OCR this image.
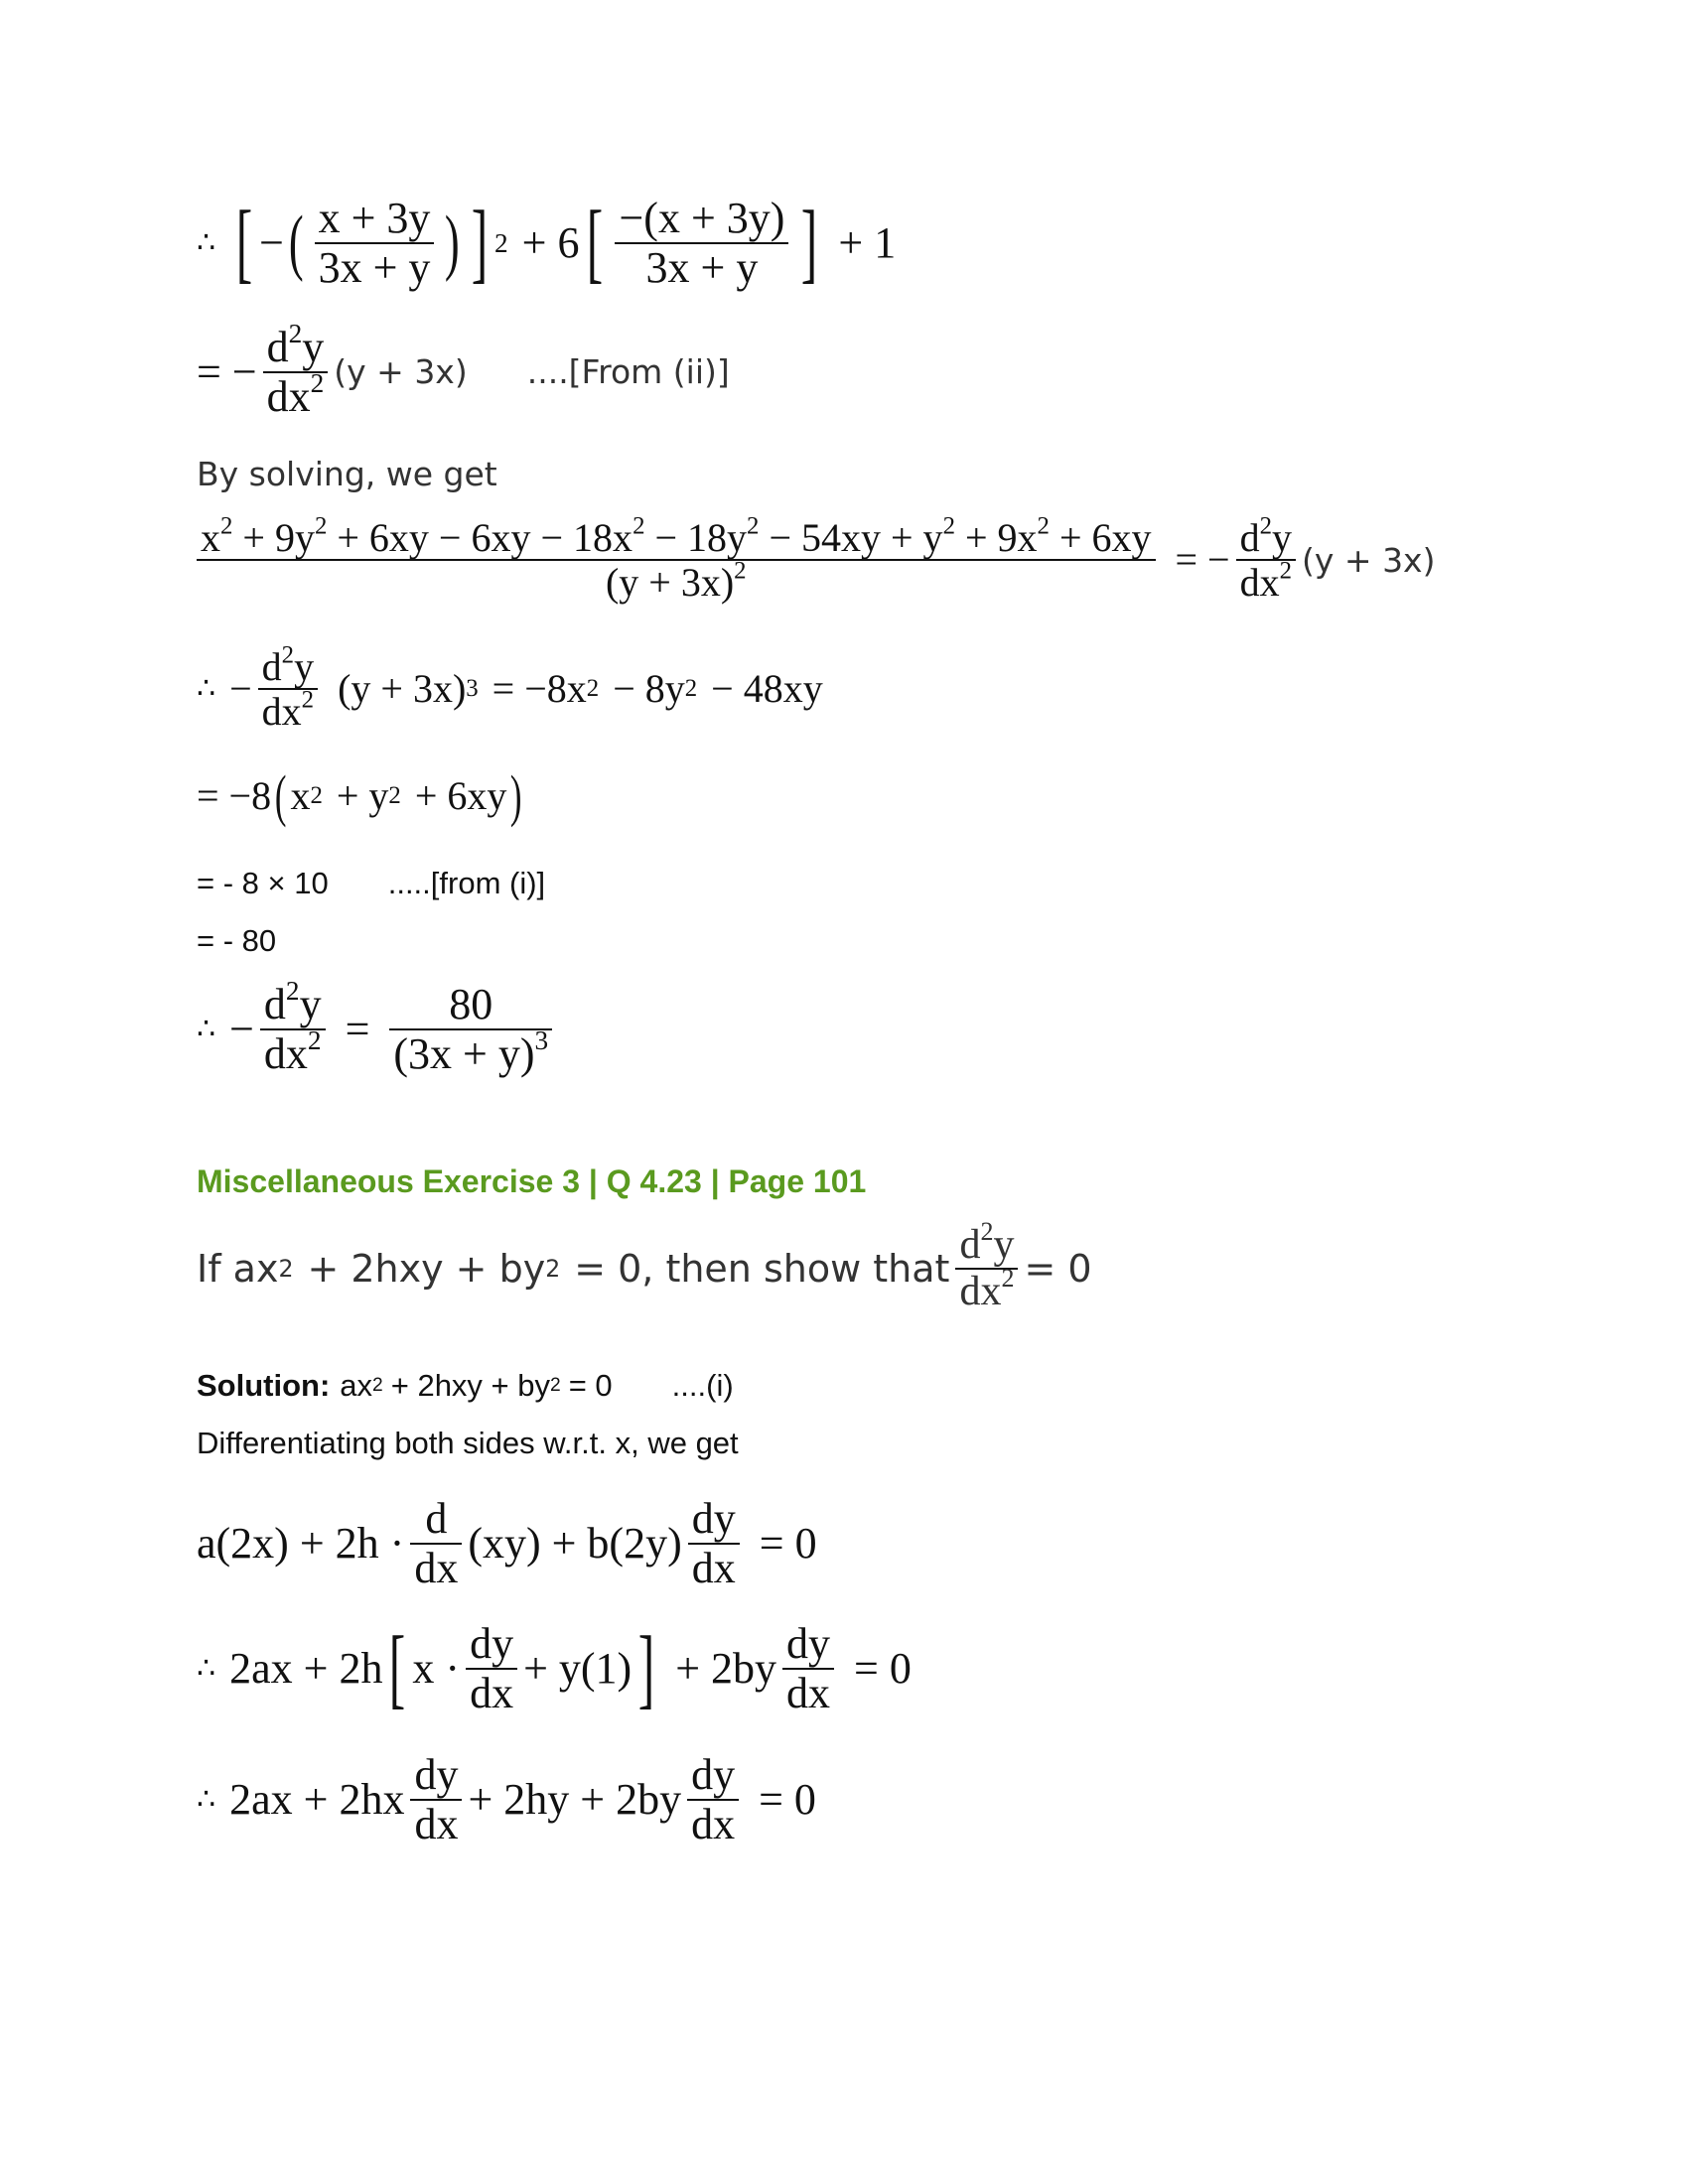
∴ [ − ( $\frac{x + 3y}{3x + y}$ ) ] 2 + 6 [ $\frac{-(x + 3y)}{3x + y}$ ] + 1
= − $\frac{d^2y}{dx^2} (y + 3x)$ ....[From (ii)]
By solving, we get
$x^2 + 9y^2 + 6xy - 6xy - 18x^2 - 18y^2 - 54xy + y^2 + 9x^2 + 6xy$
$(y + 3x)^2$	= − $\frac{d^2y}{dx^2} (y + 3x)$
∴ − $\frac{d^2y}{dx^2} (y + 3x) 3 = -8x$ 2 − 8y 2 − 48xy
= −8 ( x 2 + y 2 + 6xy )
= - 8 × 10 .....[from (i)]
= - 80
∴ − $\frac{d^2y}{dx^2} = \frac{80}{(3x + y)^3}$
Miscellaneous Exercise 3 | Q 4.23 | Page 101
If ax 2 + 2hxy + by 2 = 0, then show that $\frac{d^2y}{dx^2} = 0$
Solution: ax 2 + 2hxy + by 2 = 0 ....(i)
Differentiating both sides w.r.t. x, we get
$a(2x) + 2h \cdot \frac{d}{dx} (xy) + b(2y) \frac{dy}{dx} = 0$
∴ 2ax + 2h [ $x \cdot \frac{dy}{dx} + y(1)$ ] + $2by \frac{dy}{dx} = 0$
∴ $2ax + 2hx \frac{dy}{dx} + 2hy + 2by \frac{dy}{dx} = 0$
